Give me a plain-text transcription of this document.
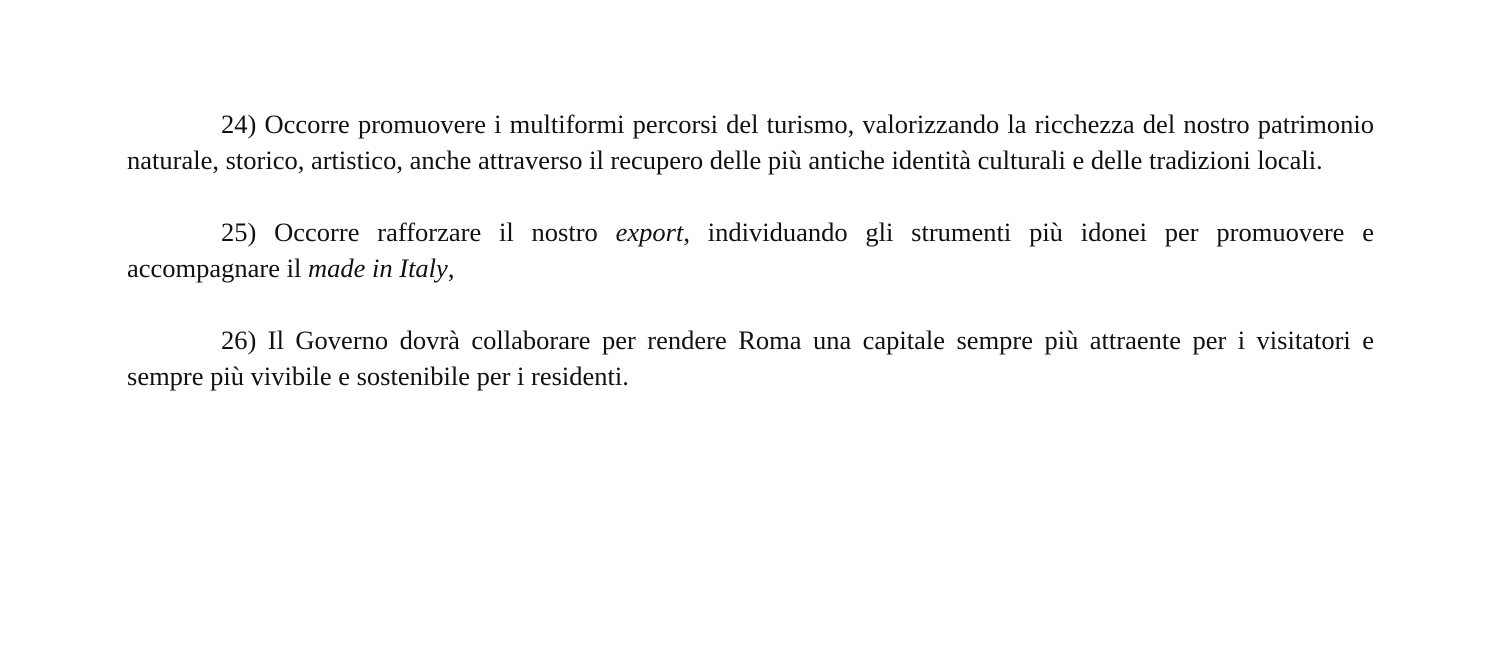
24) Occorre promuovere i multiformi percorsi del turismo, valorizzando la ricchezza del nostro patrimonio naturale, storico, artistico, anche attraverso il recupero delle più antiche identità culturali e delle tradizioni locali.

25) Occorre rafforzare il nostro export, individuando gli strumenti più idonei per promuovere e accompagnare il made in Italy,

26) Il Governo dovrà collaborare per rendere Roma una capitale sempre più attraente per i visitatori e sempre più vivibile e sostenibile per i residenti.
